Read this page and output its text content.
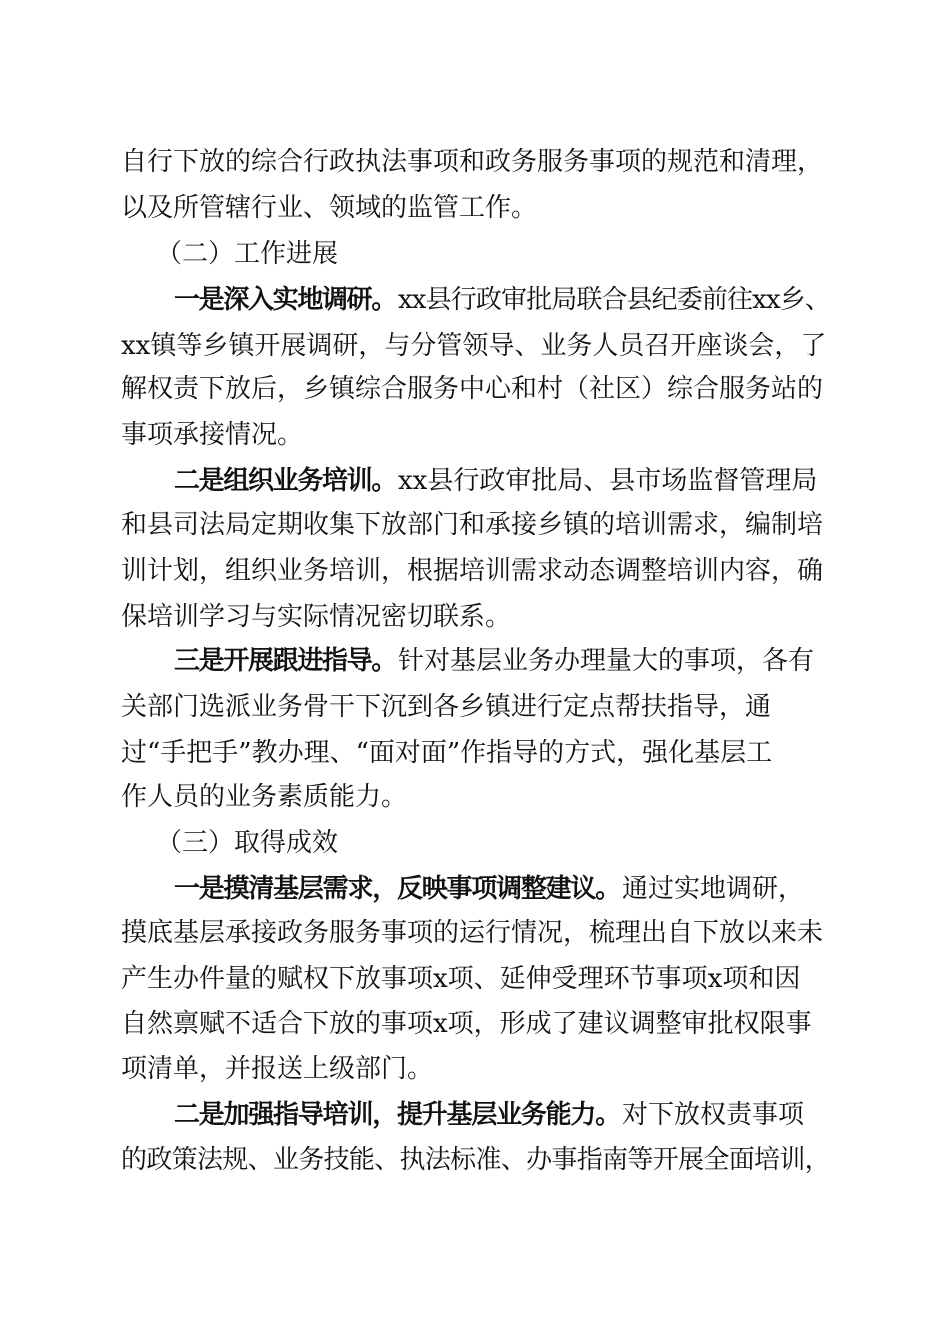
自行下放的综合行政执法事项和政务服务事项的规范和清理，
以及所管辖行业、领域的监管工作。
（二）工作进展
一是深入实地调研。 xx县行政审批局联合县纪委前往xx乡、
xx镇等乡镇开展调研，与分管领导、业务人员召开座谈会，了
解权责下放后，乡镇综合服务中心和村（社区）综合服务站的
事项承接情况。
二是组织业务培训。 xx县行政审批局、县市场监督管理局
和县司法局定期收集下放部门和承接乡镇的培训需求，编制培
训计划，组织业务培训，根据培训需求动态调整培训内容，确
保培训学习与实际情况密切联系。
三是开展跟进指导。 针对基层业务办理量大的事项，各有
关部门选派业务骨干下沉到各乡镇进行定点帮扶指导，通
过“手把手”教办理、“面对面”作指导的方式，强化基层工
作人员的业务素质能力。
（三）取得成效
一是摸清基层需求，反映事项调整建议。 通过实地调研，
摸底基层承接政务服务事项的运行情况，梳理出自下放以来未
产生办件量的赋权下放事项x项、延伸受理环节事项x项和因
自然禀赋不适合下放的事项x项，形成了建议调整审批权限事
项清单，并报送上级部门。
二是加强指导培训，提升基层业务能力。 对下放权责事项
的政策法规、业务技能、执法标准、办事指南等开展全面培训，
